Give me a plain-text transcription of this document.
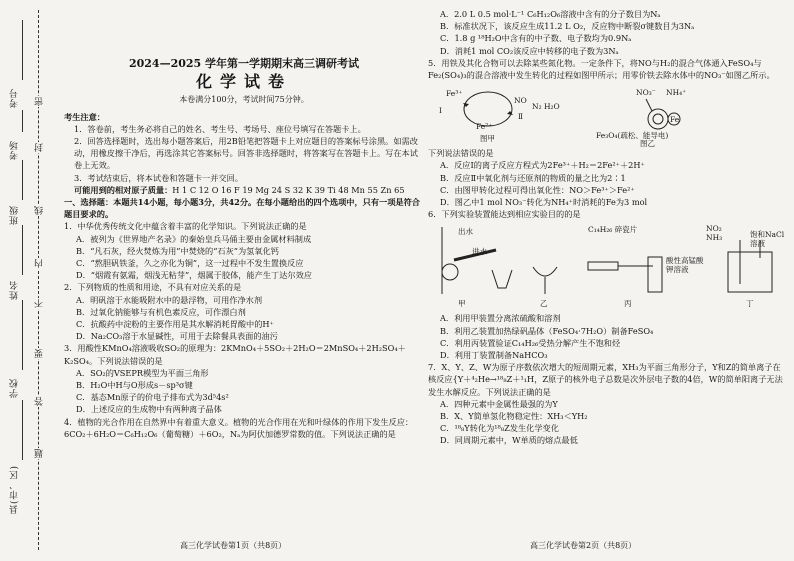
县(市、区)
学校
姓名
班级
考场
考号 密
封
线
内
不
要
答
题
2024—2025 学年第一学期期末高三调研考试
化学试卷
本卷满分100分，考试时间75分钟。

考生注意：

1．答卷前，考生务必将自己的姓名、考生号、考场号、座位号填写在答题卡上。

2．回答选择题时，选出每小题答案后，用2B铅笔把答题卡上对应题目的答案标号涂黑。如需改动，用橡皮擦干净后，再选涂其它答案标号。回答非选择题时，将答案写在答题卡上。写在本试卷上无效。

3．考试结束后，将本试卷和答题卡一并交回。

可能用到的相对原子质量：H 1 C 12 O 16 F 19 Mg 24 S 32 K 39 Ti 48 Mn 55 Zn 65

一、选择题：本题共14小题，每小题3分，共42分。在每小题给出的四个选项中，只有一项是符合题目要求的。

1．中华优秀传统文化中蕴含着丰富的化学知识。下列说法正确的是

A．被列为《世界地产名录》的秦始皇兵马俑主要由金属材料制成

B．“凡石灰，经火焚炼为用”中焚烧的“石灰”为氢氧化钙

C．“熬胆矾铁釜，久之亦化为铜”，这一过程中不发生置换反应

D．“烟霞有氨霜，烟浅无粘芽”，烟属于胶体，能产生丁达尔效应

2．下列物质的性质和用途，不具有对应关系的是

A．明矾溶于水能吸附水中的悬浮物，可用作净水剂

B．过氧化钠能够与有机色素反应，可作漂白剂

C．抗酸药中淀粉的主要作用是其水解消耗胃酸中的H⁺

D．Na₂CO₃溶于水显碱性，可用于去除餐具表面的油污

3．用酸性KMnO₄溶液吸收SO₂的原理为：2KMnO₄＋5SO₂＋2H₂O＝2MnSO₄＋2H₂SO₄＋K₂SO₄。下列说法错误的是

A．SO₂的VSEPR模型为平面三角形

B．H₂O中H与O形成s－sp³σ键

C．基态Mn原子的价电子排布式为3d⁵4s²

D．上述反应的生成物中有两种离子晶体

4．植物的光合作用在自然界中有着重大意义。植物的光合作用在光和叶绿体的作用下发生反应：6CO₂＋6H₂O＝C₆H₁₂O₆（葡萄糖）＋6O₂，Nₐ为阿伏加德罗常数的值。下列说法正确的是

高三化学试卷第1页（共8页）

A．2.0 L 0.5 mol·L⁻¹ C₆H₁₂O₆溶液中含有的分子数目为Nₐ

B．标准状况下，该反应生成11.2 L O₂，反应物中断裂σ键数目为3Nₐ

C．1.8 g ¹⁸H₂O中含有的中子数、电子数均为0.9Nₐ

D．消耗1 mol CO₂该反应中转移的电子数为3Nₐ

5．用铁及其化合物可以去除某些氮化物。一定条件下，将NO与H₂的混合气体通入FeSO₄与Fe₂(SO₄)₃的混合溶液中发生转化的过程如图甲所示；用零价铁去除水体中的NO₃⁻如图乙所示。

Fe³⁺
Ⅰ
NO
Ⅱ
N₂ H₂O
Fe²⁺
图甲
NO₃⁻ NH₄⁺
Fe₃O₄(疏松、能导电)
Fe
图乙

下列说法错误的是

A．反应Ⅰ的离子反应方程式为2Fe³⁺＋H₂＝2Fe²⁺＋2H⁺

B．反应Ⅱ中氧化剂与还原剂的物质的量之比为2∶1

C．由图甲转化过程可得出氧化性：NO＞Fe³⁺＞Fe²⁺

D．图乙中1 mol NO₃⁻转化为NH₄⁺时消耗的Fe为3 mol

6．下列实验装置能达到相应实验目的的是

出水
进水
C₁₄H₂₆ 碎瓷片
酸性高锰酸钾溶液
NO₂ NH₃	饱和NaCl溶液
甲	乙	丙	丁

A．利用甲装置分离浓硫酸和溶剂

B．利用乙装置加热绿矾晶体（FeSO₄·7H₂O）制备FeSO₄

C．利用丙装置验证C₁₄H₂₆受热分解产生不饱和烃

D．利用丁装置制备NaHCO₃

7．X、Y、Z、W为原子序数依次增大的短周期元素，XH₃为平面三角形分子，Y和Z的简单离子在核反应{Y＋⁴₂He→¹⁸₈Z＋¹₁H，Z原子的核外电子总数是次外层电子数的4倍，W的简单阳离子无法发生水解反应。下列说法正确的是

A．四种元素中金属性最强的为Y

B．X、Y简单氢化物稳定性：XH₃＜YH₂

C．¹⁸₈Y转化为¹⁸₈Z发生化学变化

D．同周期元素中，W单质的熔点最低

高三化学试卷第2页（共8页）
